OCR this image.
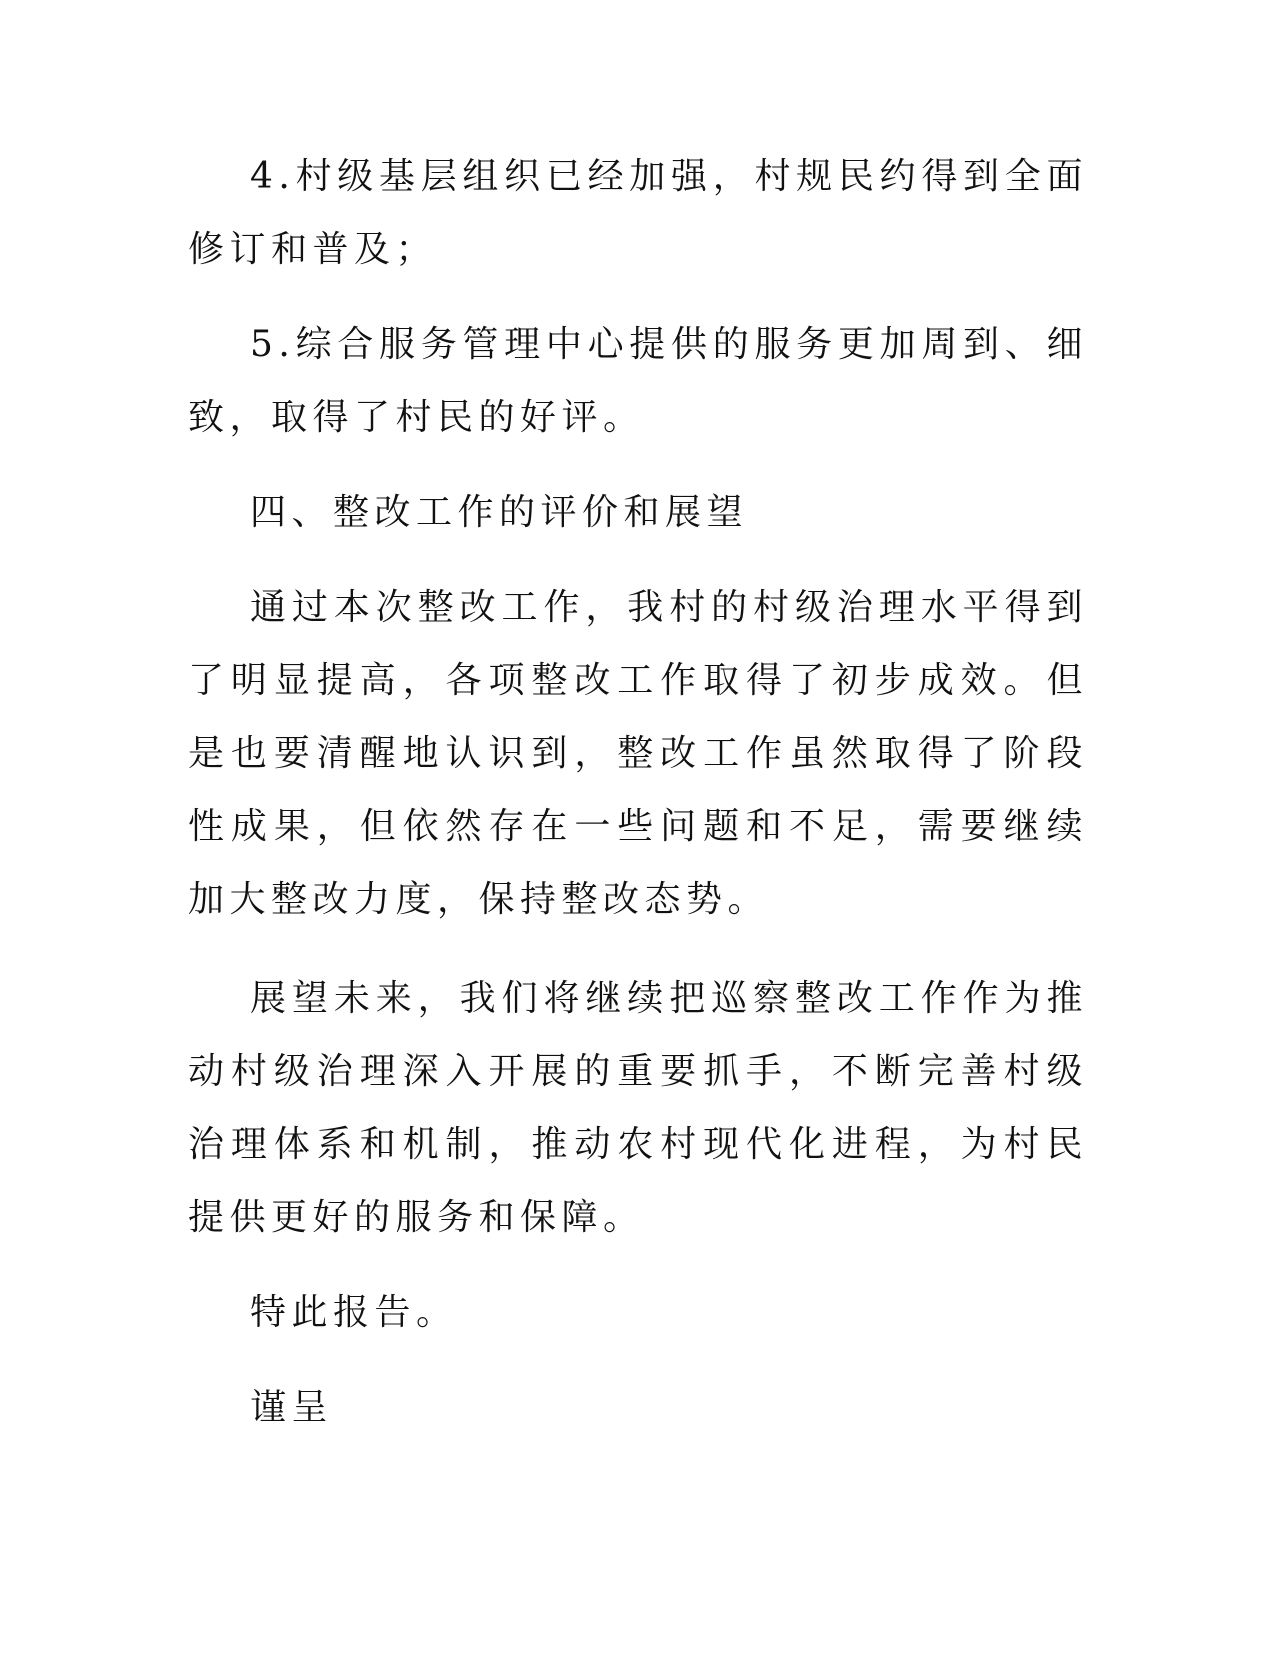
4.村级基层组织已经加强，村规民约得到全面修订和普及；

5.综合服务管理中心提供的服务更加周到、细致，取得了村民的好评。

四、整改工作的评价和展望

通过本次整改工作，我村的村级治理水平得到了明显提高，各项整改工作取得了初步成效。但是也要清醒地认识到，整改工作虽然取得了阶段性成果，但依然存在一些问题和不足，需要继续加大整改力度，保持整改态势。

展望未来，我们将继续把巡察整改工作作为推动村级治理深入开展的重要抓手，不断完善村级治理体系和机制，推动农村现代化进程，为村民提供更好的服务和保障。

特此报告。

谨呈
